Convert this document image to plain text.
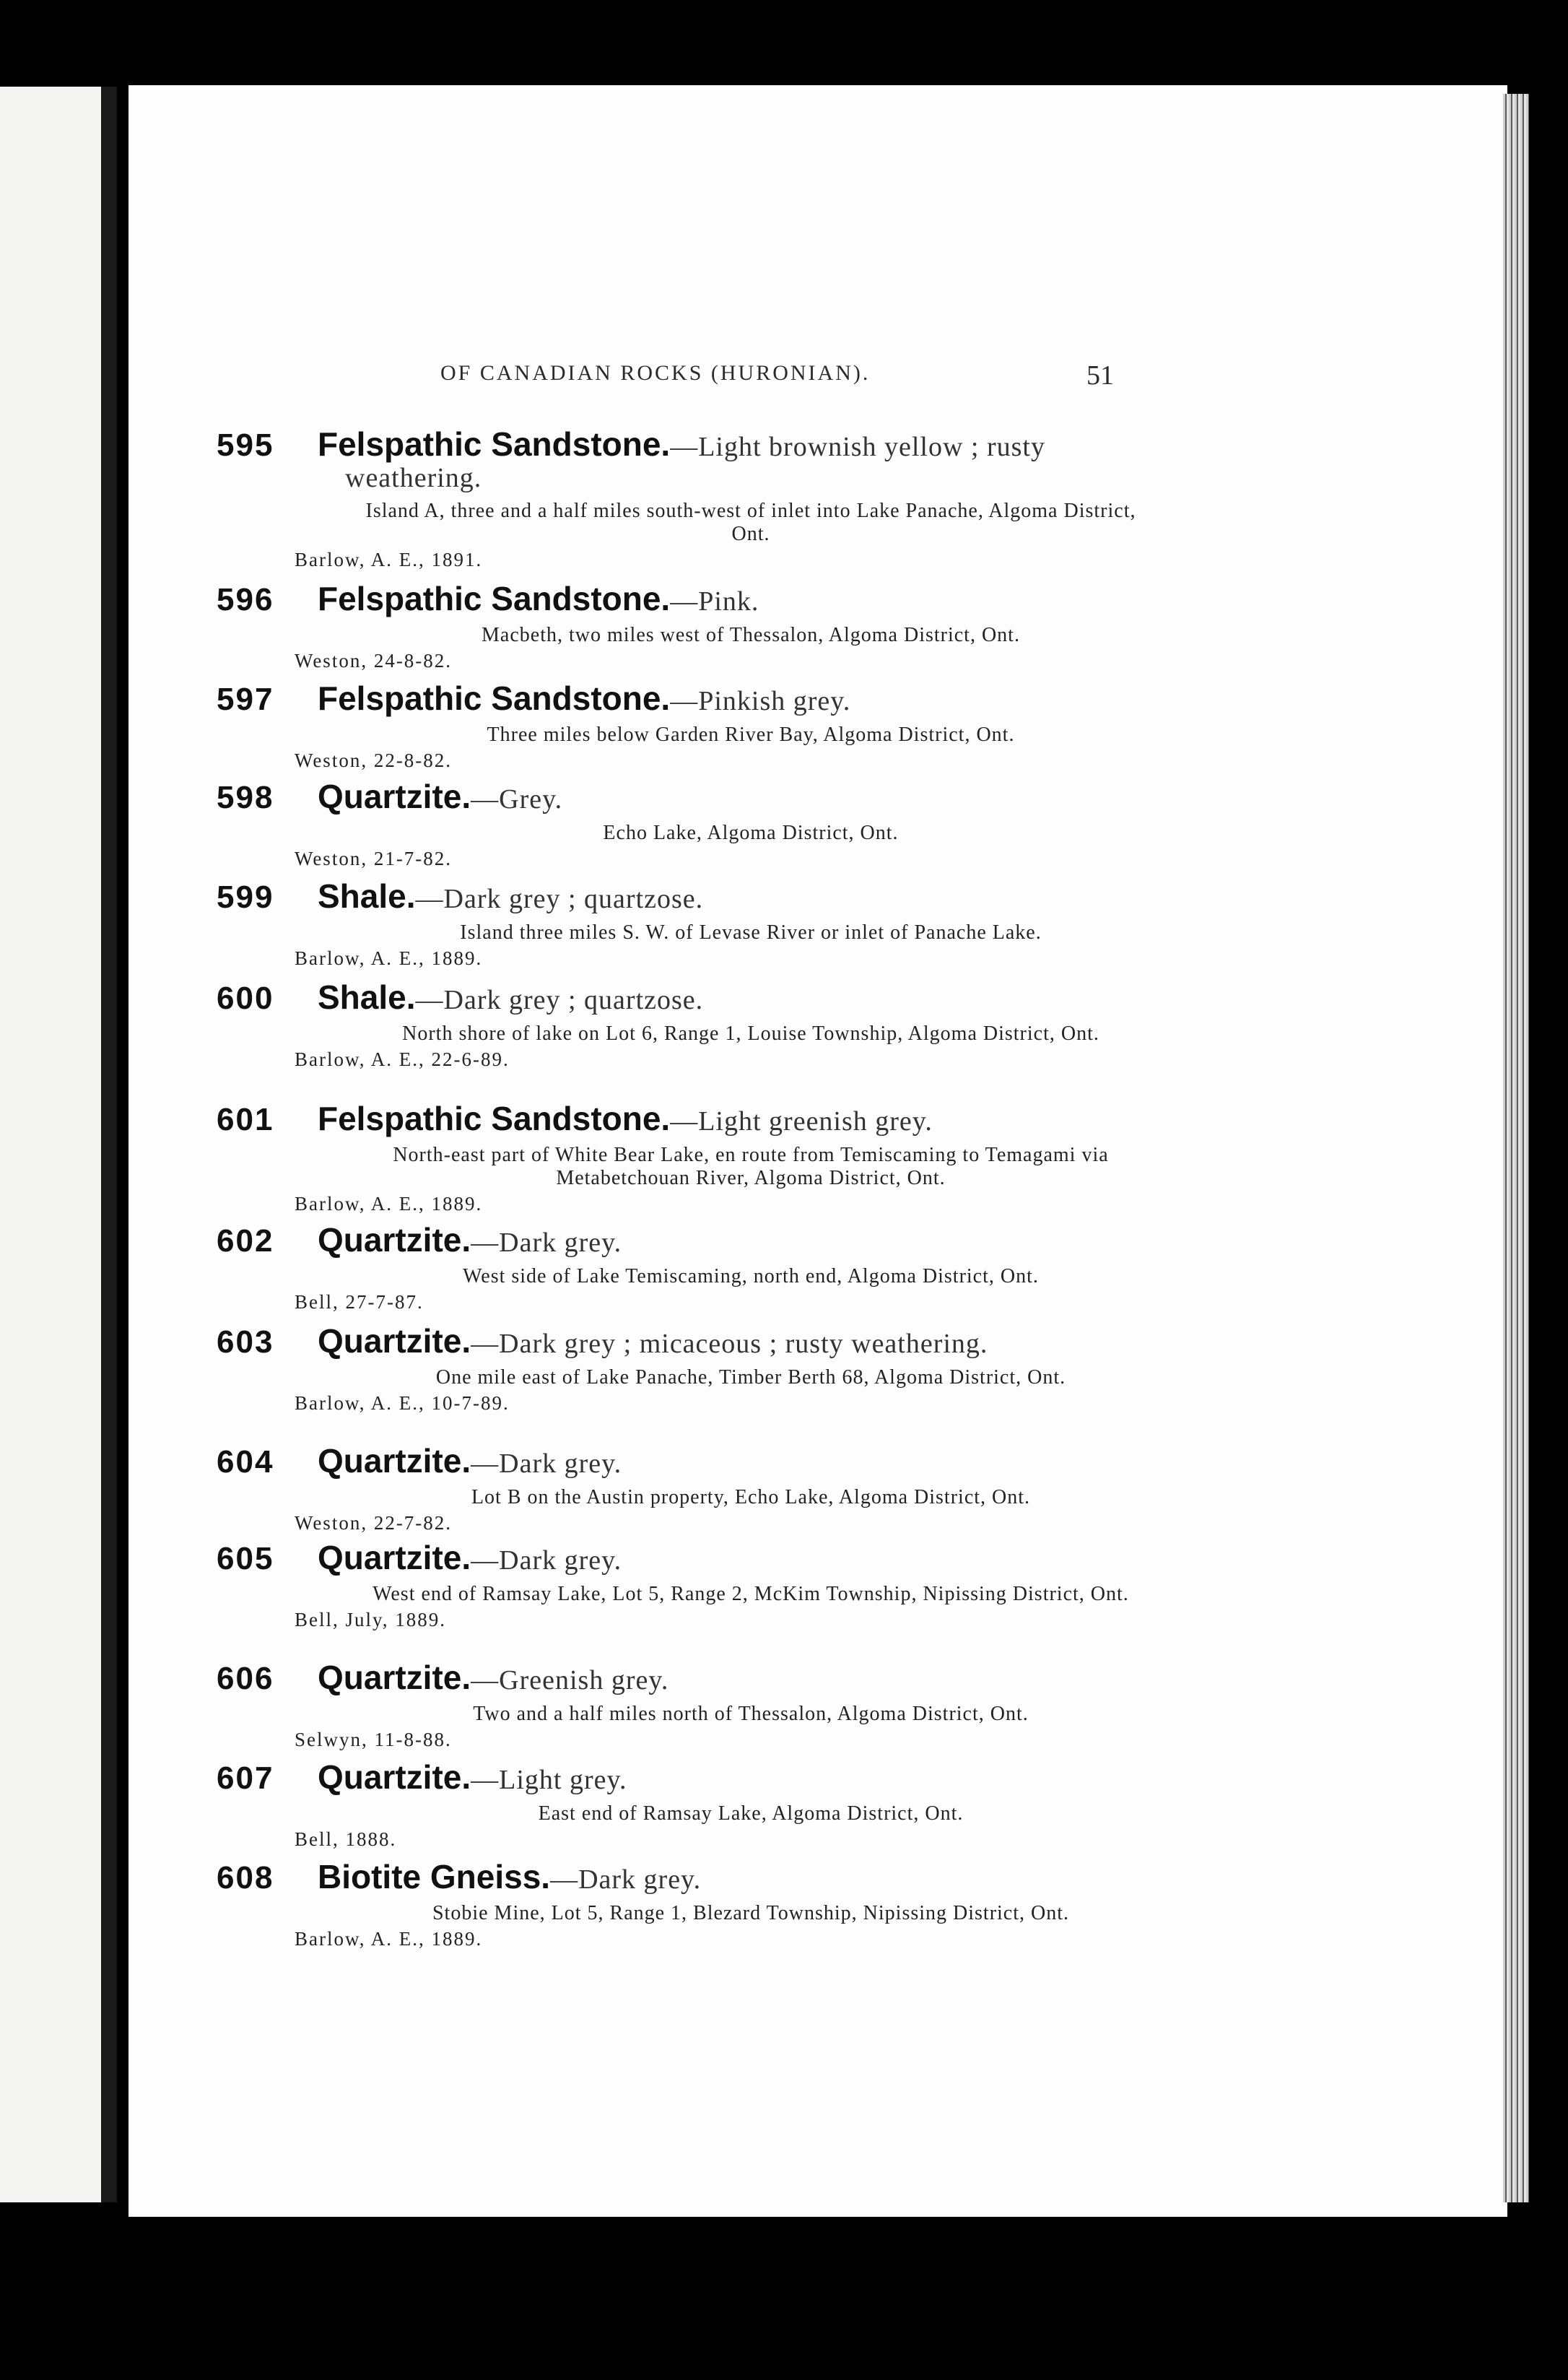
OF CANADIAN ROCKS (HURONIAN).	51
595 Felspathic Sandstone.—Light brownish yellow ; rusty
weathering.
Island A, three and a half miles south-west of inlet into Lake Panache, Algoma District, Ont.
Barlow, A. E., 1891.
596 Felspathic Sandstone.—Pink.
Macbeth, two miles west of Thessalon, Algoma District, Ont.
Weston, 24-8-82.
597 Felspathic Sandstone.—Pinkish grey.
Three miles below Garden River Bay, Algoma District, Ont.
Weston, 22-8-82.
598 Quartzite.—Grey.
Echo Lake, Algoma District, Ont.
Weston, 21-7-82.
599 Shale.—Dark grey ; quartzose.
Island three miles S. W. of Levase River or inlet of Panache Lake.
Barlow, A. E., 1889.
600 Shale.—Dark grey ; quartzose.
North shore of lake on Lot 6, Range 1, Louise Township, Algoma District, Ont.
Barlow, A. E., 22-6-89.
601 Felspathic Sandstone.—Light greenish grey.
North-east part of White Bear Lake, en route from Temiscaming to Temagami via Metabetchouan River, Algoma District, Ont.
Barlow, A. E., 1889.
602 Quartzite.—Dark grey.
West side of Lake Temiscaming, north end, Algoma District, Ont.
Bell, 27-7-87.
603 Quartzite.—Dark grey ; micaceous ; rusty weathering.
One mile east of Lake Panache, Timber Berth 68, Algoma District, Ont.
Barlow, A. E., 10-7-89.
604 Quartzite.—Dark grey.
Lot B on the Austin property, Echo Lake, Algoma District, Ont.
Weston, 22-7-82.
605 Quartzite.—Dark grey.
West end of Ramsay Lake, Lot 5, Range 2, McKim Township, Nipissing District, Ont.
Bell, July, 1889.
606 Quartzite.—Greenish grey.
Two and a half miles north of Thessalon, Algoma District, Ont.
Selwyn, 11-8-88.
607 Quartzite.—Light grey.
East end of Ramsay Lake, Algoma District, Ont.
Bell, 1888.
608 Biotite Gneiss.—Dark grey.
Stobie Mine, Lot 5, Range 1, Blezard Township, Nipissing District, Ont.
Barlow, A. E., 1889.
